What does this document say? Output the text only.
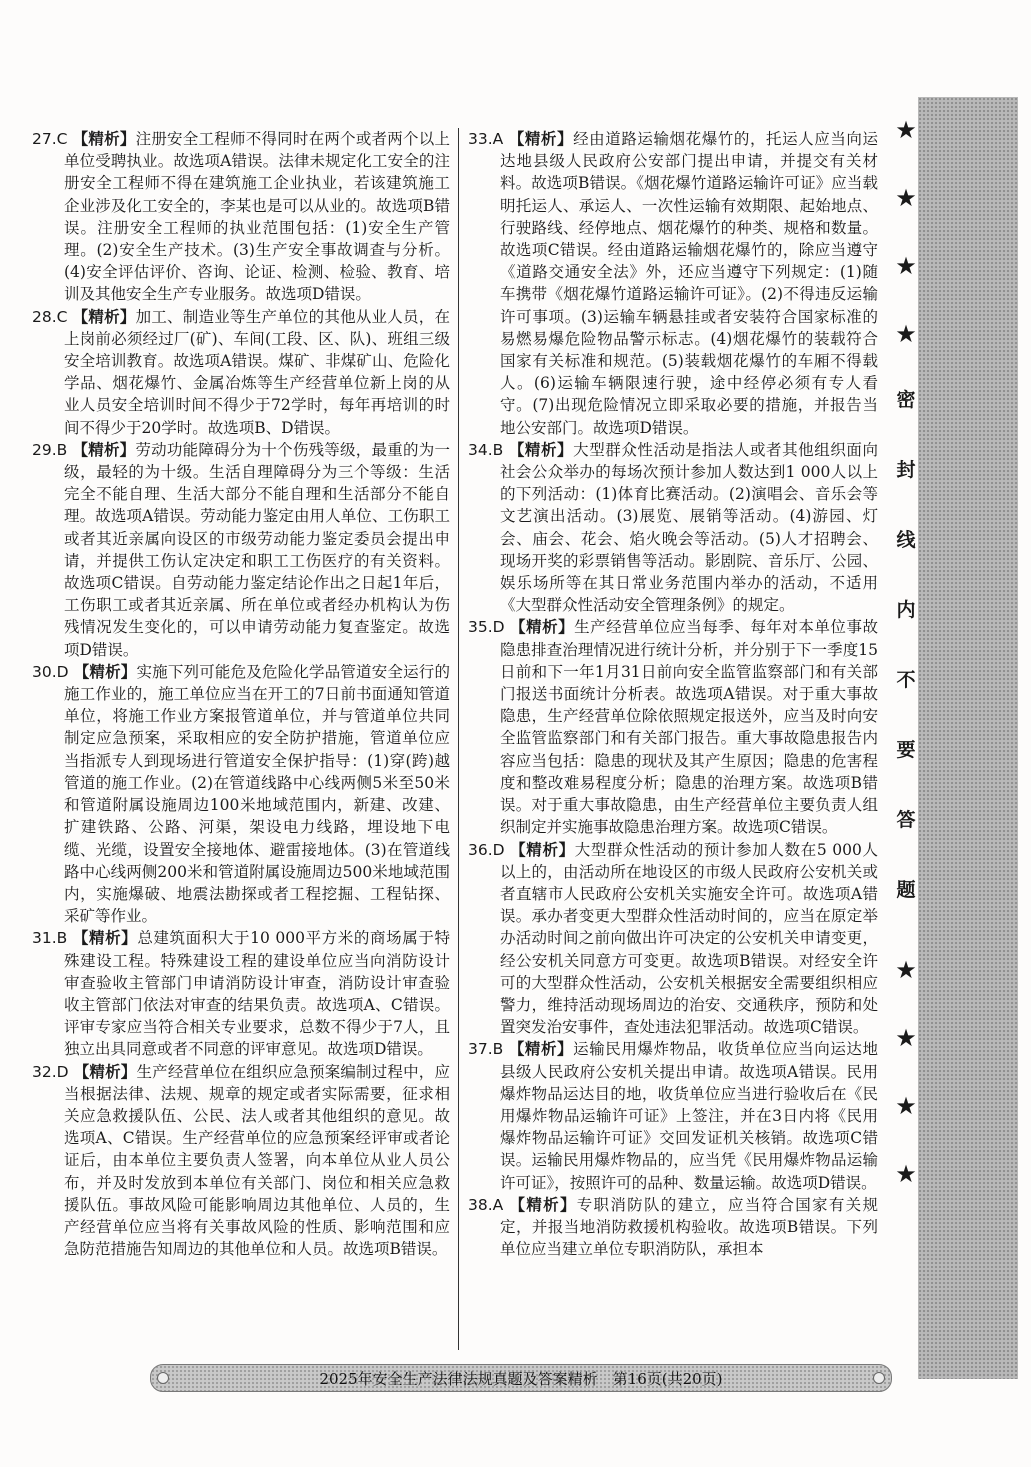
★
★
★
★
密
封
线
内
不
要
答
题
★
★
★
★

27.C 【精析】注册安全工程师不得同时在两个或者两个以上单位受聘执业。故选项A错误。法律未规定化工安全的注册安全工程师不得在建筑施工企业执业，若该建筑施工企业涉及化工安全的，李某也是可以从业的。故选项B错误。注册安全工程师的执业范围包括：(1)安全生产管理。(2)安全生产技术。(3)生产安全事故调查与分析。(4)安全评估评价、咨询、论证、检测、检验、教育、培训及其他安全生产专业服务。故选项D错误。

28.C 【精析】加工、制造业等生产单位的其他从业人员，在上岗前必须经过厂(矿)、车间(工段、区、队)、班组三级安全培训教育。故选项A错误。煤矿、非煤矿山、危险化学品、烟花爆竹、金属冶炼等生产经营单位新上岗的从业人员安全培训时间不得少于72学时，每年再培训的时间不得少于20学时。故选项B、D错误。

29.B 【精析】劳动功能障碍分为十个伤残等级，最重的为一级，最轻的为十级。生活自理障碍分为三个等级：生活完全不能自理、生活大部分不能自理和生活部分不能自理。故选项A错误。劳动能力鉴定由用人单位、工伤职工或者其近亲属向设区的市级劳动能力鉴定委员会提出申请，并提供工伤认定决定和职工工伤医疗的有关资料。故选项C错误。自劳动能力鉴定结论作出之日起1年后，工伤职工或者其近亲属、所在单位或者经办机构认为伤残情况发生变化的，可以申请劳动能力复查鉴定。故选项D错误。

30.D 【精析】实施下列可能危及危险化学品管道安全运行的施工作业的，施工单位应当在开工的7日前书面通知管道单位，将施工作业方案报管道单位，并与管道单位共同制定应急预案，采取相应的安全防护措施，管道单位应当指派专人到现场进行管道安全保护指导：(1)穿(跨)越管道的施工作业。(2)在管道线路中心线两侧5米至50米和管道附属设施周边100米地域范围内，新建、改建、扩建铁路、公路、河渠，架设电力线路，埋设地下电缆、光缆，设置安全接地体、避雷接地体。(3)在管道线路中心线两侧200米和管道附属设施周边500米地域范围内，实施爆破、地震法勘探或者工程挖掘、工程钻探、采矿等作业。

31.B 【精析】总建筑面积大于10 000平方米的商场属于特殊建设工程。特殊建设工程的建设单位应当向消防设计审查验收主管部门申请消防设计审查，消防设计审查验收主管部门依法对审查的结果负责。故选项A、C错误。评审专家应当符合相关专业要求，总数不得少于7人，且独立出具同意或者不同意的评审意见。故选项D错误。

32.D 【精析】生产经营单位在组织应急预案编制过程中，应当根据法律、法规、规章的规定或者实际需要，征求相关应急救援队伍、公民、法人或者其他组织的意见。故选项A、C错误。生产经营单位的应急预案经评审或者论证后，由本单位主要负责人签署，向本单位从业人员公布，并及时发放到本单位有关部门、岗位和相关应急救援队伍。事故风险可能影响周边其他单位、人员的，生产经营单位应当将有关事故风险的性质、影响范围和应急防范措施告知周边的其他单位和人员。故选项B错误。

33.A 【精析】经由道路运输烟花爆竹的，托运人应当向运达地县级人民政府公安部门提出申请，并提交有关材料。故选项B错误。《烟花爆竹道路运输许可证》应当载明托运人、承运人、一次性运输有效期限、起始地点、行驶路线、经停地点、烟花爆竹的种类、规格和数量。故选项C错误。经由道路运输烟花爆竹的，除应当遵守《道路交通安全法》外，还应当遵守下列规定：(1)随车携带《烟花爆竹道路运输许可证》。(2)不得违反运输许可事项。(3)运输车辆悬挂或者安装符合国家标准的易燃易爆危险物品警示标志。(4)烟花爆竹的装载符合国家有关标准和规范。(5)装载烟花爆竹的车厢不得载人。(6)运输车辆限速行驶，途中经停必须有专人看守。(7)出现危险情况立即采取必要的措施，并报告当地公安部门。故选项D错误。

34.B 【精析】大型群众性活动是指法人或者其他组织面向社会公众举办的每场次预计参加人数达到1 000人以上的下列活动：(1)体育比赛活动。(2)演唱会、音乐会等文艺演出活动。(3)展览、展销等活动。(4)游园、灯会、庙会、花会、焰火晚会等活动。(5)人才招聘会、现场开奖的彩票销售等活动。影剧院、音乐厅、公园、娱乐场所等在其日常业务范围内举办的活动，不适用《大型群众性活动安全管理条例》的规定。

35.D 【精析】生产经营单位应当每季、每年对本单位事故隐患排查治理情况进行统计分析，并分别于下一季度15日前和下一年1月31日前向安全监管监察部门和有关部门报送书面统计分析表。故选项A错误。对于重大事故隐患，生产经营单位除依照规定报送外，应当及时向安全监管监察部门和有关部门报告。重大事故隐患报告内容应当包括：隐患的现状及其产生原因；隐患的危害程度和整改难易程度分析；隐患的治理方案。故选项B错误。对于重大事故隐患，由生产经营单位主要负责人组织制定并实施事故隐患治理方案。故选项C错误。

36.D 【精析】大型群众性活动的预计参加人数在5 000人以上的，由活动所在地设区的市级人民政府公安机关或者直辖市人民政府公安机关实施安全许可。故选项A错误。承办者变更大型群众性活动时间的，应当在原定举办活动时间之前向做出许可决定的公安机关申请变更，经公安机关同意方可变更。故选项B错误。对经安全许可的大型群众性活动，公安机关根据安全需要组织相应警力，维持活动现场周边的治安、交通秩序，预防和处置突发治安事件，查处违法犯罪活动。故选项C错误。

37.B 【精析】运输民用爆炸物品，收货单位应当向运达地县级人民政府公安机关提出申请。故选项A错误。民用爆炸物品运达目的地，收货单位应当进行验收后在《民用爆炸物品运输许可证》上签注，并在3日内将《民用爆炸物品运输许可证》交回发证机关核销。故选项C错误。运输民用爆炸物品的，应当凭《民用爆炸物品运输许可证》，按照许可的品种、数量运输。故选项D错误。

38.A 【精析】专职消防队的建立，应当符合国家有关规定，并报当地消防救援机构验收。故选项B错误。下列单位应当建立单位专职消防队，承担本

2025年安全生产法律法规真题及答案精析　第16页(共20页)
